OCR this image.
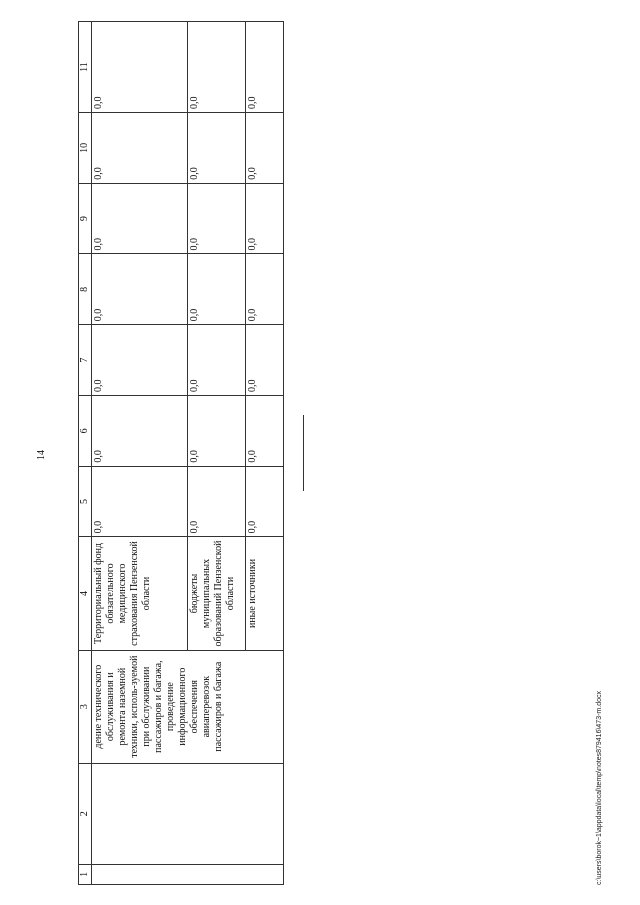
14
1	2	3	4	5	6	7	8	9	10	11
		дение технического обслуживания и ремонта наземной техники, исполь-зуемой при обслуживании пассажиров и багажа, проведение информационного обеспечения авиаперевозок пассажиров и багажа	Территориальный фонд обязательного медицинского страхования Пензенской области	0,0	0,0	0,0	0,0	0,0	0,0	0,0
			бюджеты муниципальных образований Пензенской области	0,0	0,0	0,0	0,0	0,0	0,0	0,0
			иные источники	0,0	0,0	0,0	0,0	0,0	0,0	0,0
c:\users\borok~1\appdata\local\temp\notes879416\473-m.docx
